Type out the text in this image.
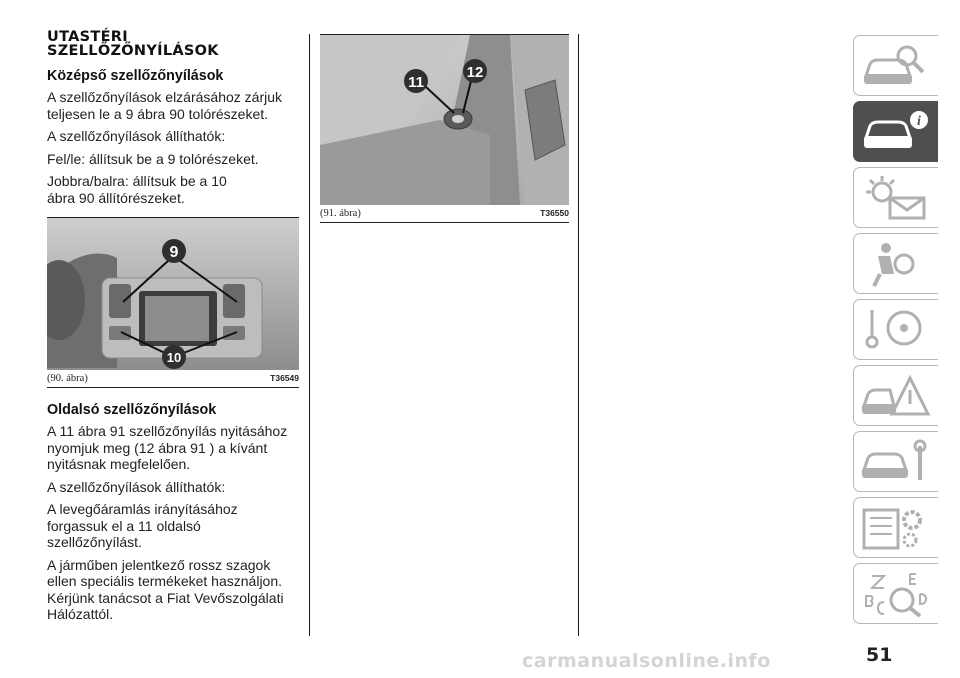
UTASTÉRI
SZELLŐZŐNYÍLÁSOK
Középső szellőzőnyílások

A szellőzőnyílások elzárásához zárjuk teljesen le a 9 ábra 90 tolórészeket.

A szellőzőnyílások állíthatók:

Fel/le: állítsuk be a 9 tolórészeket.

Jobbra/balra: állítsuk be a 10 ábra 90 állítórészeket.

9
10
(90. ábra)	T36549
Oldalsó szellőzőnyílások

A 11 ábra 91 szellőzőnyílás nyitásához nyomjuk meg (12 ábra 91 ) a kívánt nyitásnak megfelelően.

A szellőzőnyílások állíthatók:

A levegőáramlás irányításához forgassuk el a 11 oldalsó szellőzőnyílást.

A járműben jelentkező rossz szagok ellen speciális termékeket használjon. Kérjünk tanácsot a Fiat Vevőszolgálati Hálózattól.

11
12
(91. ábra)	T36550
i
carmanualsonline.info	51
